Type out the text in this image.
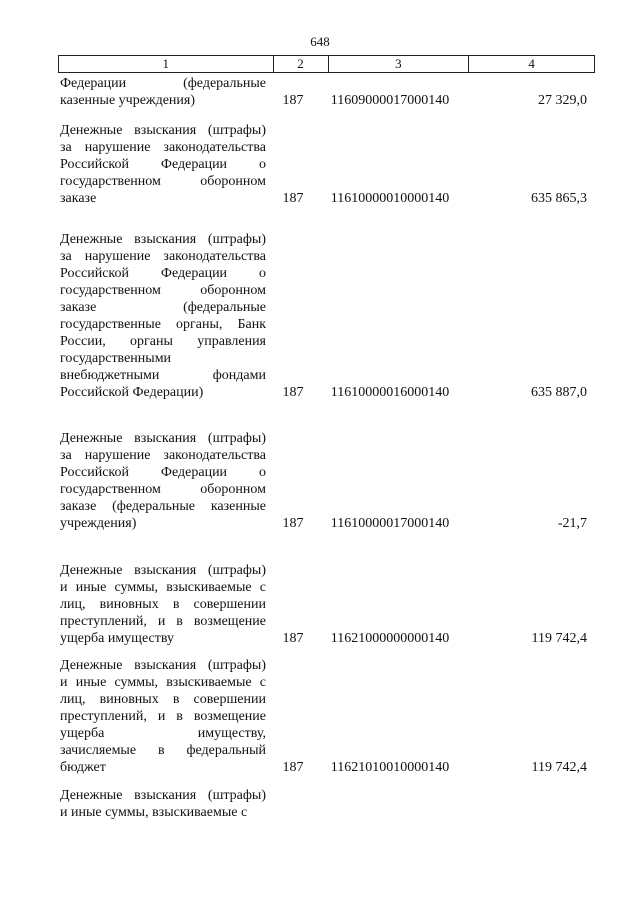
648
1	2	3	4
Федерации (федеральные
казенные учреждения)	187	11609000017000140	27 329,0
Денежные взыскания (штрафы)
за нарушение законодательства
Российской Федерации о
государственном оборонном
заказе	187	11610000010000140	635 865,3
Денежные взыскания (штрафы)
за нарушение законодательства
Российской Федерации о
государственном оборонном
заказе (федеральные
государственные органы, Банк
России, органы управления
государственными
внебюджетными фондами
Российской Федерации)	187	11610000016000140	635 887,0
Денежные взыскания (штрафы)
за нарушение законодательства
Российской Федерации о
государственном оборонном
заказе (федеральные казенные
учреждения)	187	11610000017000140	-21,7
Денежные взыскания (штрафы)
и иные суммы, взыскиваемые с
лиц, виновных в совершении
преступлений, и в возмещение
ущерба имуществу	187	11621000000000140	119 742,4
Денежные взыскания (штрафы)
и иные суммы, взыскиваемые с
лиц, виновных в совершении
преступлений, и в возмещение
ущерба имуществу,
зачисляемые в федеральный
бюджет	187	11621010010000140	119 742,4
Денежные взыскания (штрафы)
и иные суммы, взыскиваемые с
